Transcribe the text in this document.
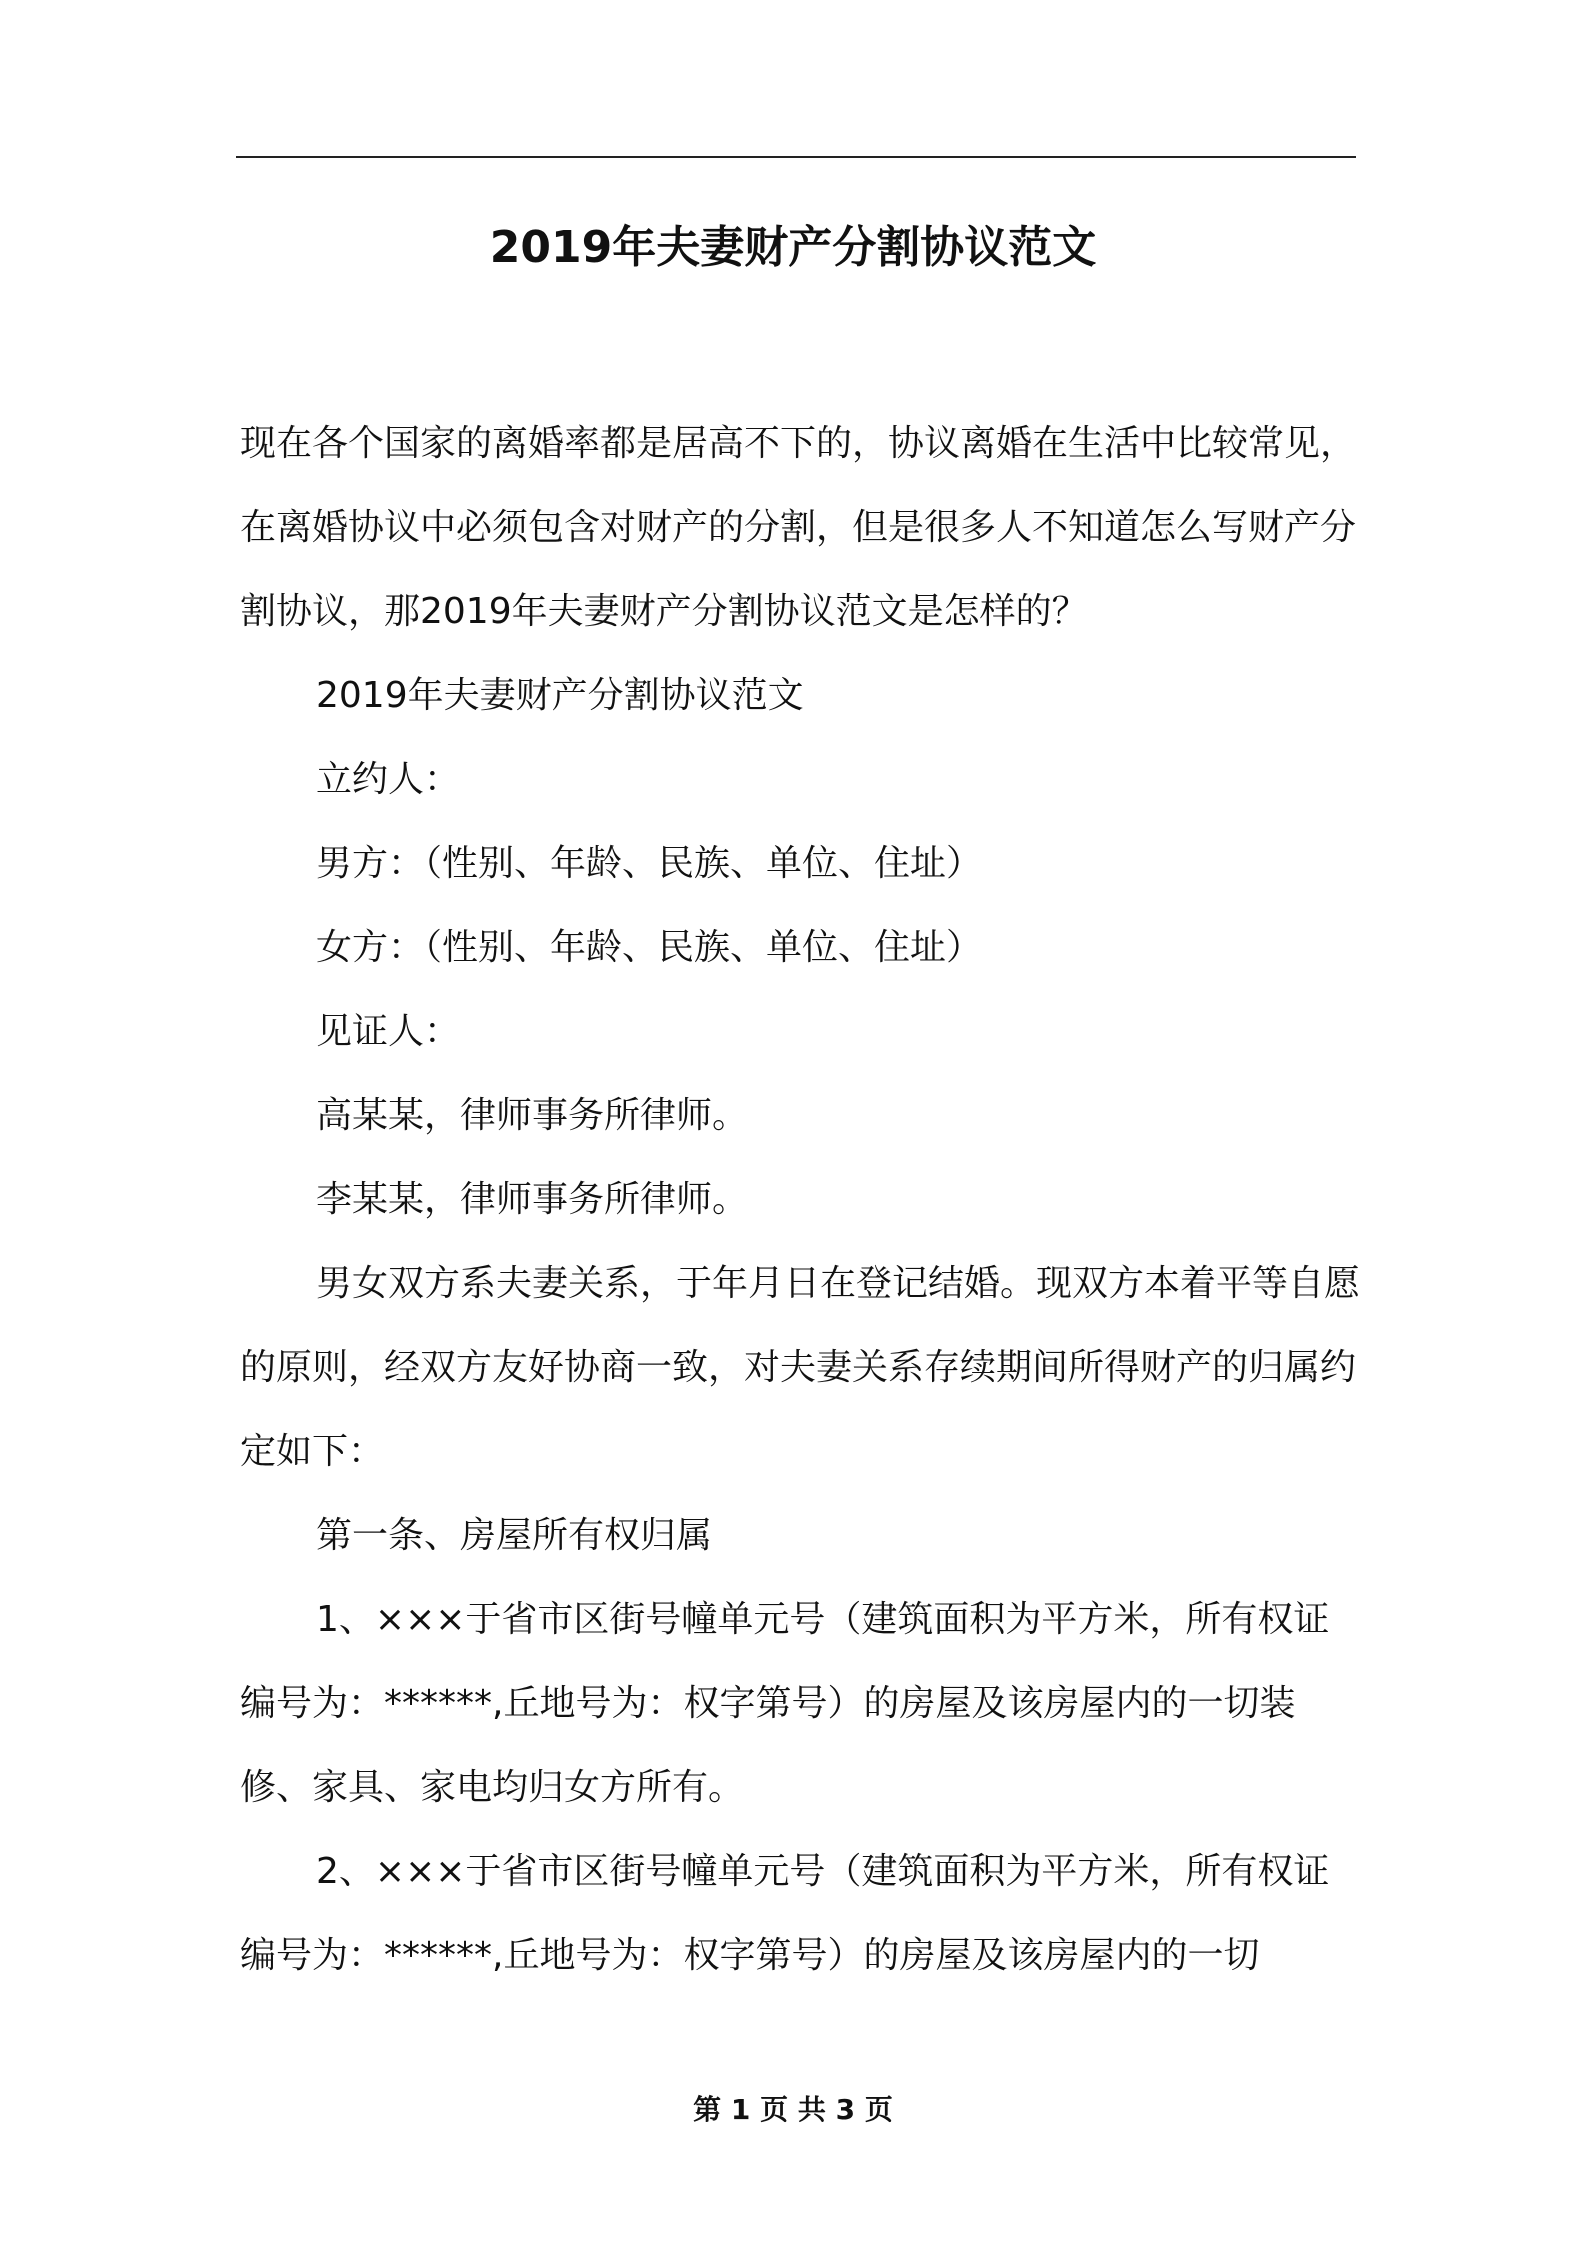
2019年夫妻财产分割协议范文

现在各个国家的离婚率都是居高不下的，协议离婚在生活中比较常见，在离婚协议中必须包含对财产的分割，但是很多人不知道怎么写财产分割协议，那2019年夫妻财产分割协议范文是怎样的？

2019年夫妻财产分割协议范文

立约人：

男方：（性别、年龄、民族、单位、住址）

女方：（性别、年龄、民族、单位、住址）

见证人：

高某某，律师事务所律师。

李某某，律师事务所律师。

男女双方系夫妻关系，于年月日在登记结婚。现双方本着平等自愿的原则，经双方友好协商一致，对夫妻关系存续期间所得财产的归属约定如下：

第一条、房屋所有权归属

1、×××于省市区街号幢单元号（建筑面积为平方米，所有权证编号为：******,丘地号为：权字第号）的房屋及该房屋内的一切装修、家具、家电均归女方所有。

2、×××于省市区街号幢单元号（建筑面积为平方米，所有权证编号为：******,丘地号为：权字第号）的房屋及该房屋内的一切

第 1 页 共 3 页
